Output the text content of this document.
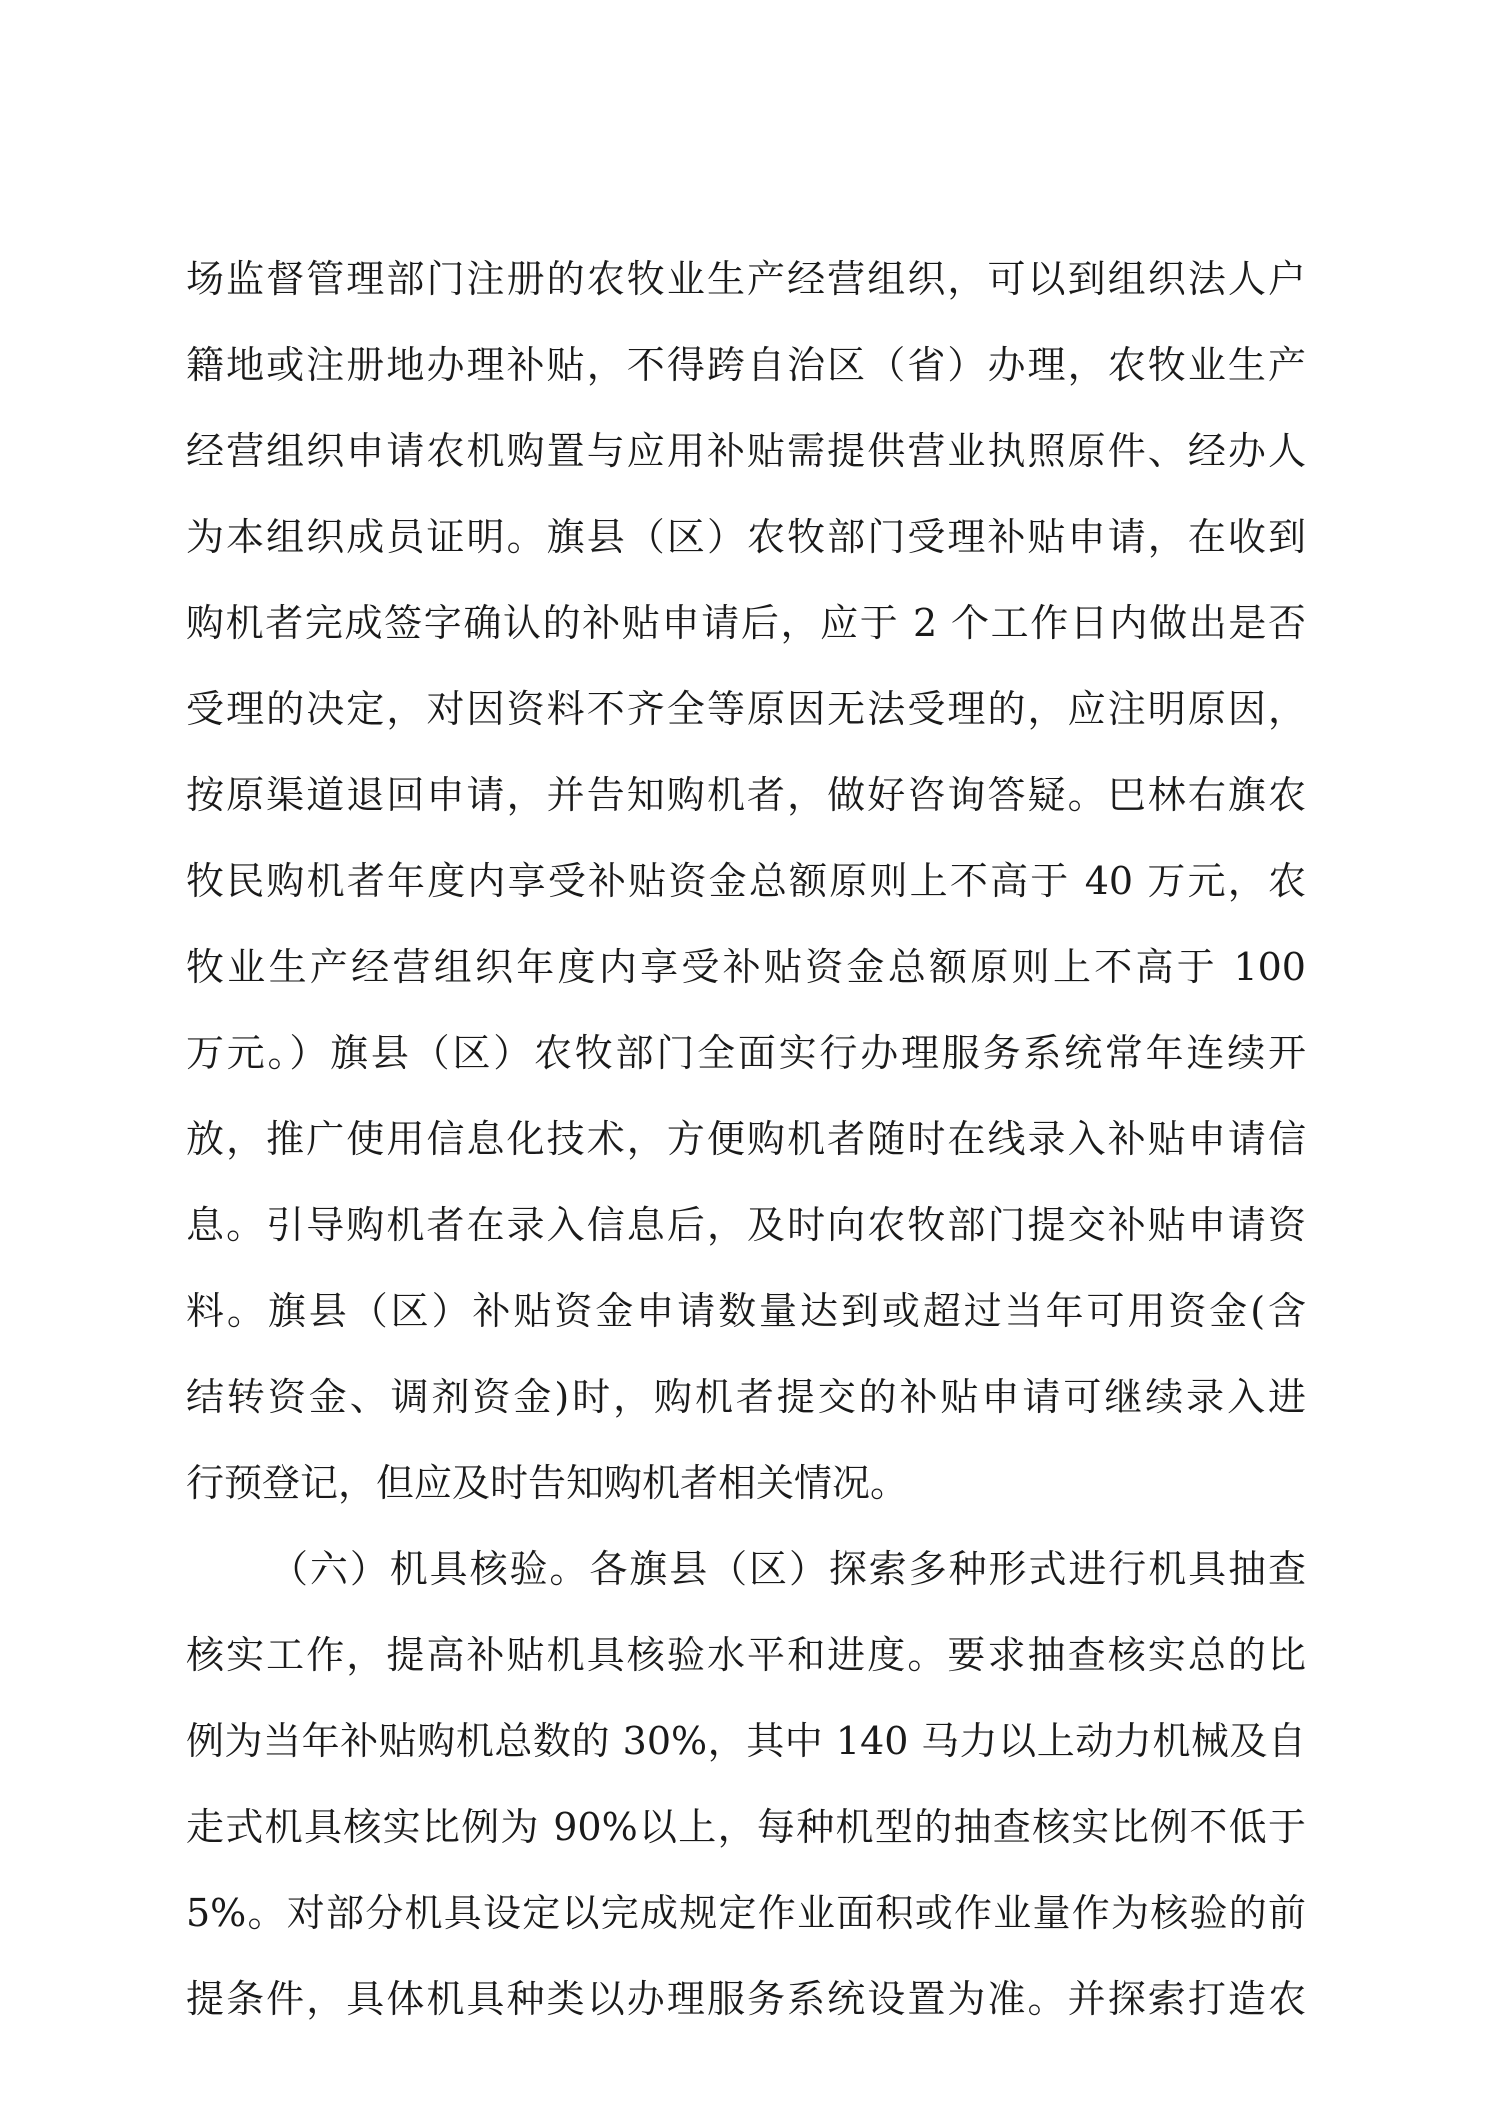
场监督管理部门注册的农牧业生产经营组织，可以到组织法人户
籍地或注册地办理补贴，不得跨自治区（省）办理，农牧业生产
经营组织申请农机购置与应用补贴需提供营业执照原件、经办人
为本组织成员证明。旗县（区）农牧部门受理补贴申请，在收到
购机者完成签字确认的补贴申请后，应于 2 个工作日内做出是否
受理的决定，对因资料不齐全等原因无法受理的，应注明原因，
按原渠道退回申请，并告知购机者，做好咨询答疑。巴林右旗农
牧民购机者年度内享受补贴资金总额原则上不高于 40 万元，农
牧业生产经营组织年度内享受补贴资金总额原则上不高于 100
万元。）旗县（区）农牧部门全面实行办理服务系统常年连续开
放，推广使用信息化技术，方便购机者随时在线录入补贴申请信
息。引导购机者在录入信息后，及时向农牧部门提交补贴申请资
料。旗县（区）补贴资金申请数量达到或超过当年可用资金(含
结转资金、调剂资金)时，购机者提交的补贴申请可继续录入进
行预登记，但应及时告知购机者相关情况。
（六）机具核验。各旗县（区）探索多种形式进行机具抽查
核实工作，提高补贴机具核验水平和进度。要求抽查核实总的比
例为当年补贴购机总数的 30%，其中 140 马力以上动力机械及自
走式机具核实比例为 90%以上，每种机型的抽查核实比例不低于
5%。对部分机具设定以完成规定作业面积或作业量作为核验的前
提条件，具体机具种类以办理服务系统设置为准。并探索打造农
